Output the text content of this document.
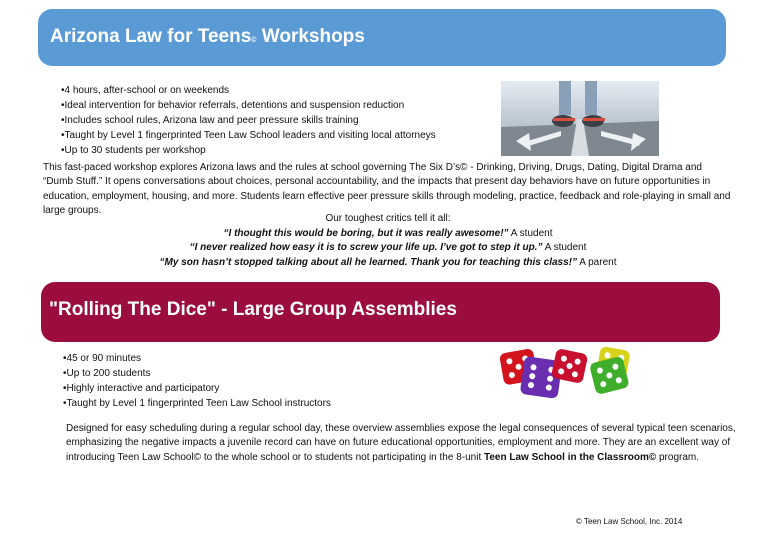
Arizona Law for Teens© Workshops
• 4 hours, after-school or on weekends
• Ideal intervention for behavior referrals, detentions and suspension reduction
• Includes school rules, Arizona law and peer pressure skills training
• Taught by Level 1 fingerprinted Teen Law School leaders and visiting local attorneys
• Up to 30 students per workshop

This fast-paced workshop explores Arizona laws and the rules at school governing The Six D’s© - Drinking, Driving, Drugs, Dating, Digital Drama and “Dumb Stuff.” It opens conversations about choices, personal accountability, and the impacts that present day behaviors have on future opportunities in education, employment, housing, and more. Students learn effective peer pressure skills through modeling, practice, feedback and role-playing in small and large groups.

Our toughest critics tell it all:
“I thought this would be boring, but it was really awesome!” A student
“I never realized how easy it is to screw your life up. I’ve got to step it up.” A student
“My son hasn’t stopped talking about all he learned. Thank you for teaching this class!” A parent
"Rolling The Dice" - Large Group Assemblies
• 45 or 90 minutes
• Up to 200 students
• Highly interactive and participatory
• Taught by Level 1 fingerprinted Teen Law School instructors

Designed for easy scheduling during a regular school day, these overview assemblies expose the legal consequences of several typical teen scenarios, emphasizing the negative impacts a juvenile record can have on future educational opportunities, employment and more. They are an excellent way of introducing Teen Law School© to the whole school or to students not participating in the 8-unit Teen Law School in the Classroom© program.

© Teen Law School, Inc. 2014
